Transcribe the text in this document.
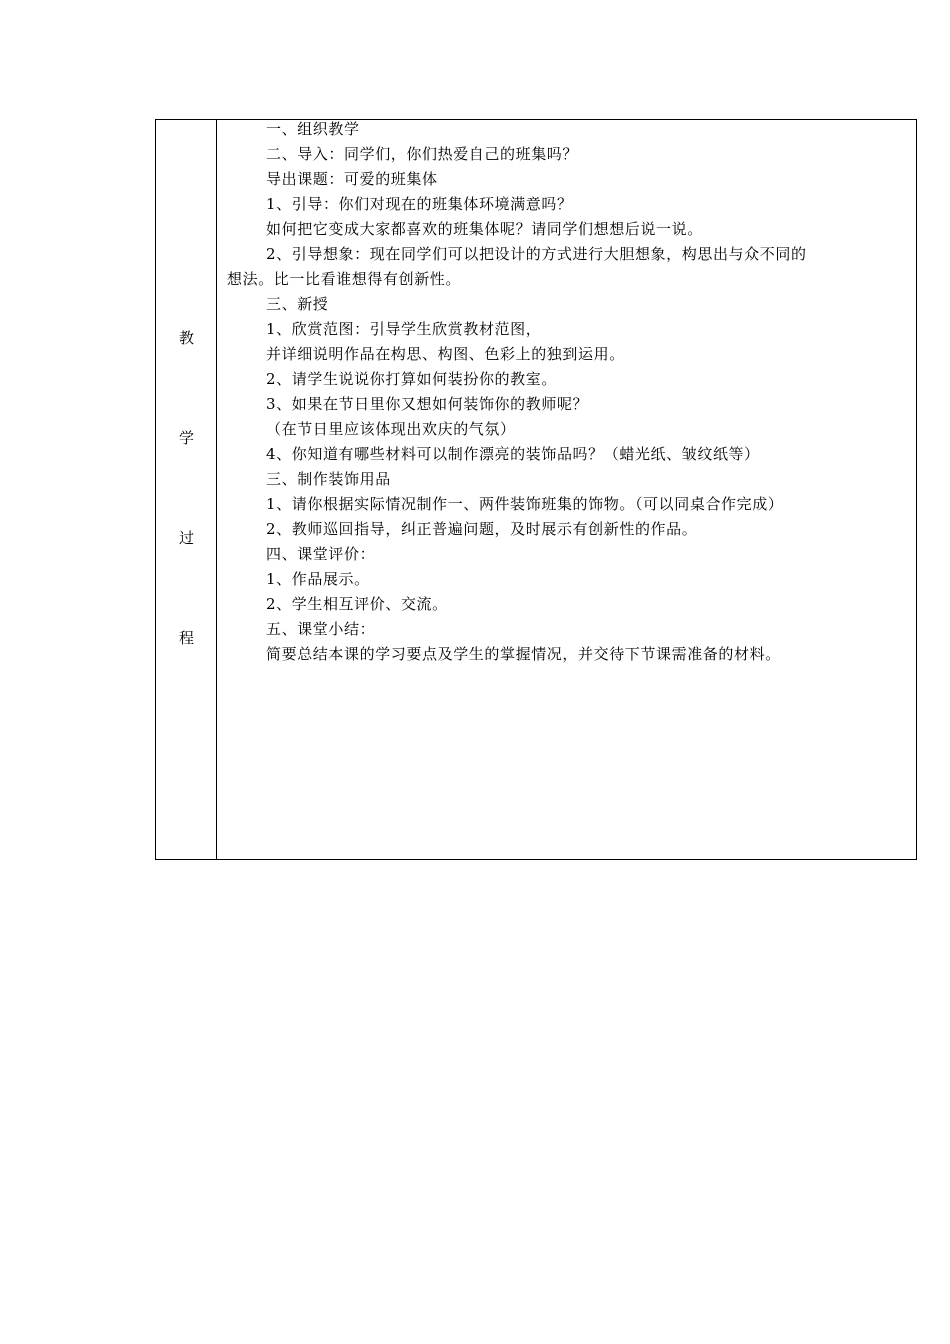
教
学
过
程
一、组织教学
二、导入：同学们，你们热爱自己的班集吗？
导出课题：可爱的班集体
1、引导：你们对现在的班集体环境满意吗？
如何把它变成大家都喜欢的班集体呢？请同学们想想后说一说。
2、引导想象：现在同学们可以把设计的方式进行大胆想象，构思出与众不同的
想法。比一比看谁想得有创新性。
三、新授
1、欣赏范图：引导学生欣赏教材范图，
并详细说明作品在构思、构图、色彩上的独到运用。
2、请学生说说你打算如何装扮你的教室。
3、如果在节日里你又想如何装饰你的教师呢？
（在节日里应该体现出欢庆的气氛）
4、你知道有哪些材料可以制作漂亮的装饰品吗？（蜡光纸、皱纹纸等）
三、制作装饰用品
1、请你根据实际情况制作一、两件装饰班集的饰物。（可以同桌合作完成）
2、教师巡回指导，纠正普遍问题，及时展示有创新性的作品。
四、课堂评价：
1、作品展示。
2、学生相互评价、交流。
五、课堂小结：
简要总结本课的学习要点及学生的掌握情况，并交待下节课需准备的材料。
